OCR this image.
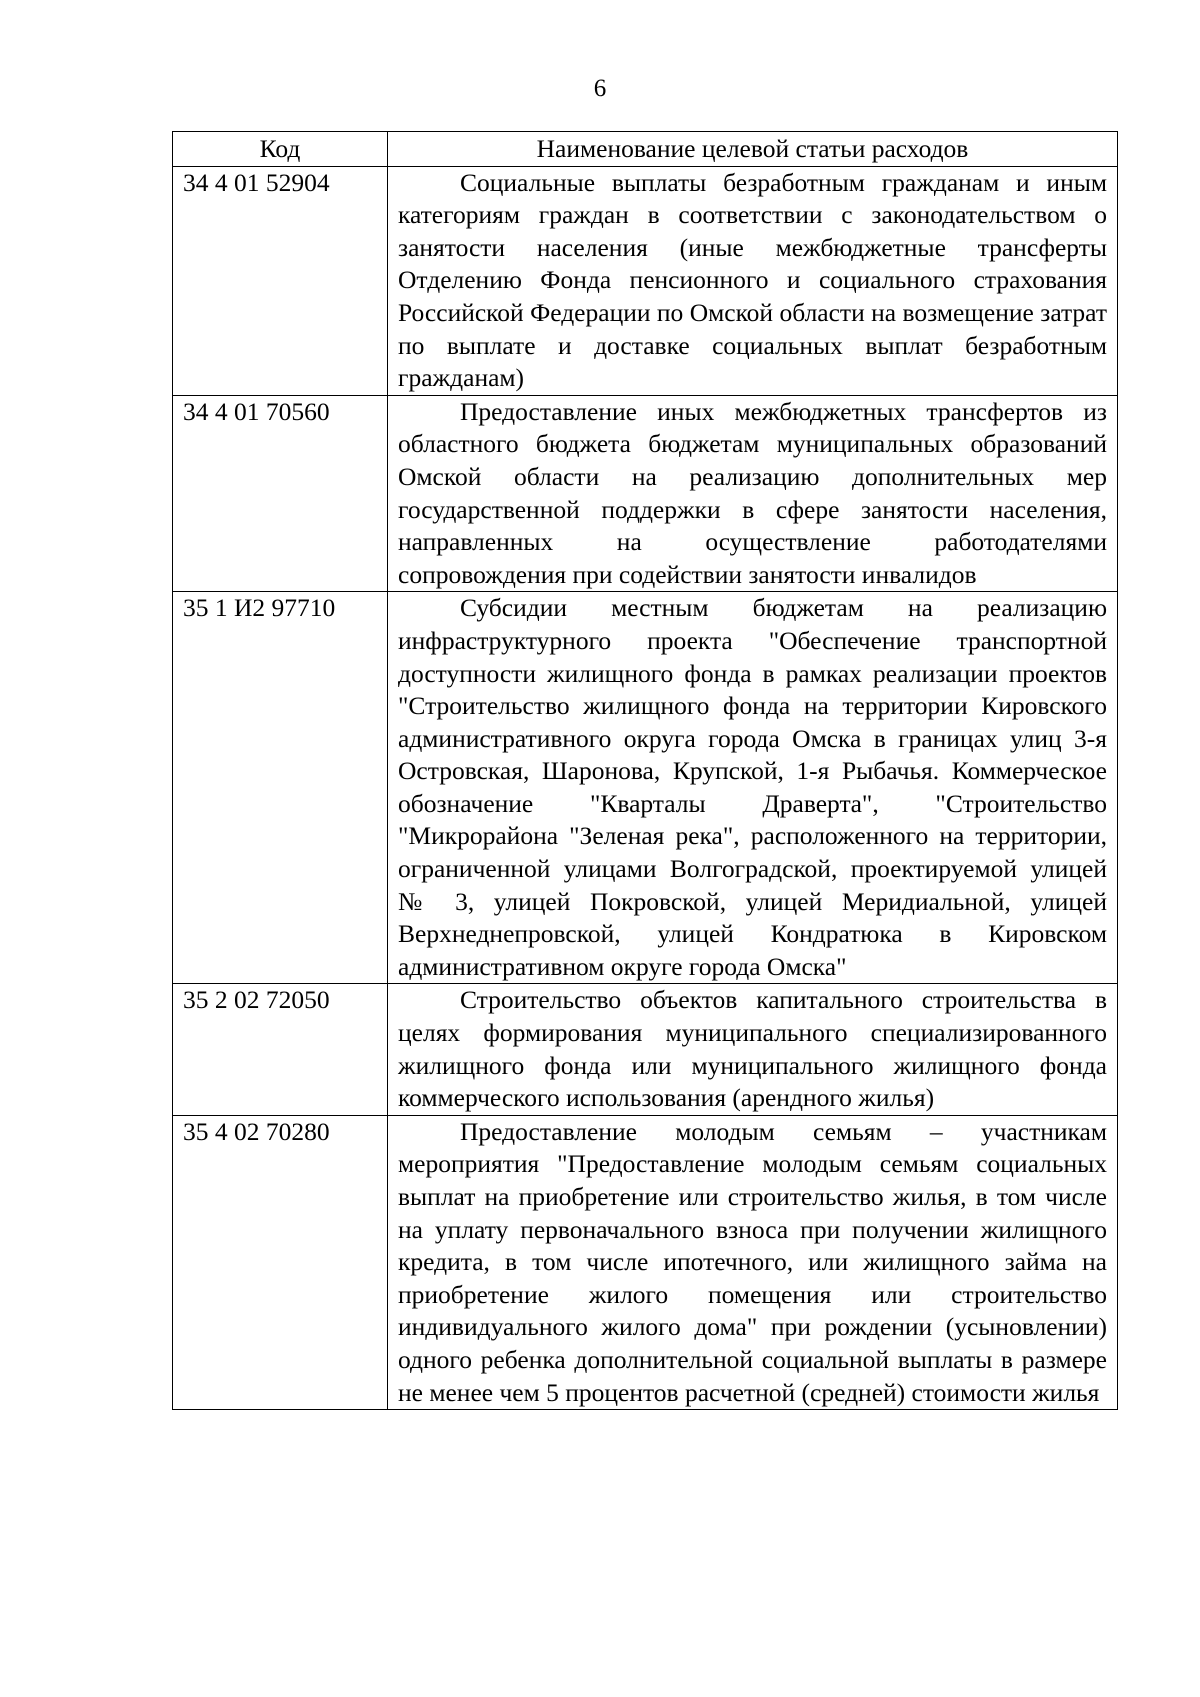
6
Код	Наименование целевой статьи расходов
34 4 01 52904	Социальные выплаты безработным гражданам и иным категориям граждан в соответствии с законодательством о занятости населения (иные межбюджетные трансферты Отделению Фонда пенсионного и социального страхования Российской Федерации по Омской области на возмещение затрат по выплате и доставке социальных выплат безработным гражданам)
34 4 01 70560	Предоставление иных межбюджетных трансфертов из областного бюджета бюджетам муниципальных образований Омской области на реализацию дополнительных мер государственной поддержки в сфере занятости населения, направленных на осуществление работодателями сопровождения при содействии занятости инвалидов
35 1 И2 97710	Субсидии местным бюджетам на реализацию инфраструктурного проекта "Обеспечение транспортной доступности жилищного фонда в рамках реализации проектов "Строительство жилищного фонда на территории Кировского административного округа города Омска в границах улиц 3-я Островская, Шаронова, Крупской, 1-я Рыбачья. Коммерческое обозначение "Кварталы Дравертa", "Строительство "Микрорайона "Зеленая река", расположенного на территории, ограниченной улицами Волгоградской, проектируемой улицей № 3, улицей Покровской, улицей Меридиальной, улицей Верхнеднепровской, улицей Кондратюка в Кировском административном округе города Омска"
35 2 02 72050	Строительство объектов капитального строительства в целях формирования муниципального специализированного жилищного фонда или муниципального жилищного фонда коммерческого использования (арендного жилья)
35 4 02 70280	Предоставление молодым семьям – участникам мероприятия "Предоставление молодым семьям социальных выплат на приобретение или строительство жилья, в том числе на уплату первоначального взноса при получении жилищного кредита, в том числе ипотечного, или жилищного займа на приобретение жилого помещения или строительство индивидуального жилого дома" при рождении (усыновлении) одного ребенка дополнительной социальной выплаты в размере не менее чем 5 процентов расчетной (средней) стоимости жилья
